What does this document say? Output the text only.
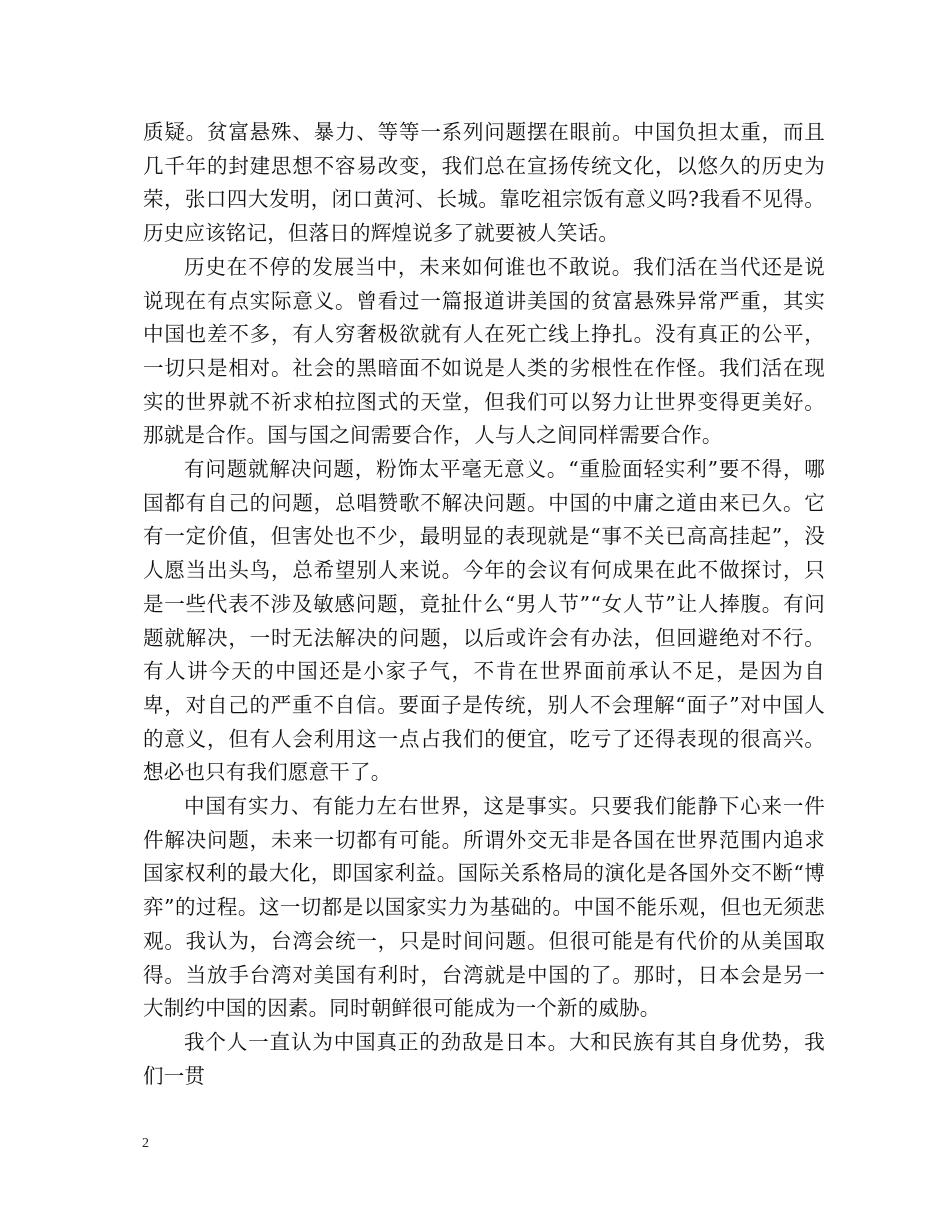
质疑。贫富悬殊、暴力、等等一系列问题摆在眼前。中国负担太重，而且几千年的封建思想不容易改变，我们总在宣扬传统文化，以悠久的历史为荣，张口四大发明，闭口黄河、长城。靠吃祖宗饭有意义吗?我看不见得。历史应该铭记，但落日的辉煌说多了就要被人笑话。

历史在不停的发展当中，未来如何谁也不敢说。我们活在当代还是说说现在有点实际意义。曾看过一篇报道讲美国的贫富悬殊异常严重，其实中国也差不多，有人穷奢极欲就有人在死亡线上挣扎。没有真正的公平，一切只是相对。社会的黑暗面不如说是人类的劣根性在作怪。我们活在现实的世界就不祈求柏拉图式的天堂，但我们可以努力让世界变得更美好。那就是合作。国与国之间需要合作，人与人之间同样需要合作。

有问题就解决问题，粉饰太平毫无意义。“重脸面轻实利”要不得，哪国都有自己的问题，总唱赞歌不解决问题。中国的中庸之道由来已久。它有一定价值，但害处也不少，最明显的表现就是“事不关已高高挂起”，没人愿当出头鸟，总希望别人来说。今年的会议有何成果在此不做探讨，只是一些代表不涉及敏感问题，竟扯什么“男人节”“女人节”让人捧腹。有问题就解决，一时无法解决的问题，以后或许会有办法，但回避绝对不行。有人讲今天的中国还是小家子气，不肯在世界面前承认不足，是因为自卑，对自己的严重不自信。要面子是传统，别人不会理解“面子”对中国人的意义，但有人会利用这一点占我们的便宜，吃亏了还得表现的很高兴。想必也只有我们愿意干了。

中国有实力、有能力左右世界，这是事实。只要我们能静下心来一件件解决问题，未来一切都有可能。所谓外交无非是各国在世界范围内追求国家权利的最大化，即国家利益。国际关系格局的演化是各国外交不断“博弈”的过程。这一切都是以国家实力为基础的。中国不能乐观，但也无须悲观。我认为，台湾会统一，只是时间问题。但很可能是有代价的从美国取得。当放手台湾对美国有利时，台湾就是中国的了。那时，日本会是另一大制约中国的因素。同时朝鲜很可能成为一个新的威胁。

我个人一直认为中国真正的劲敌是日本。大和民族有其自身优势，我们一贯

2
